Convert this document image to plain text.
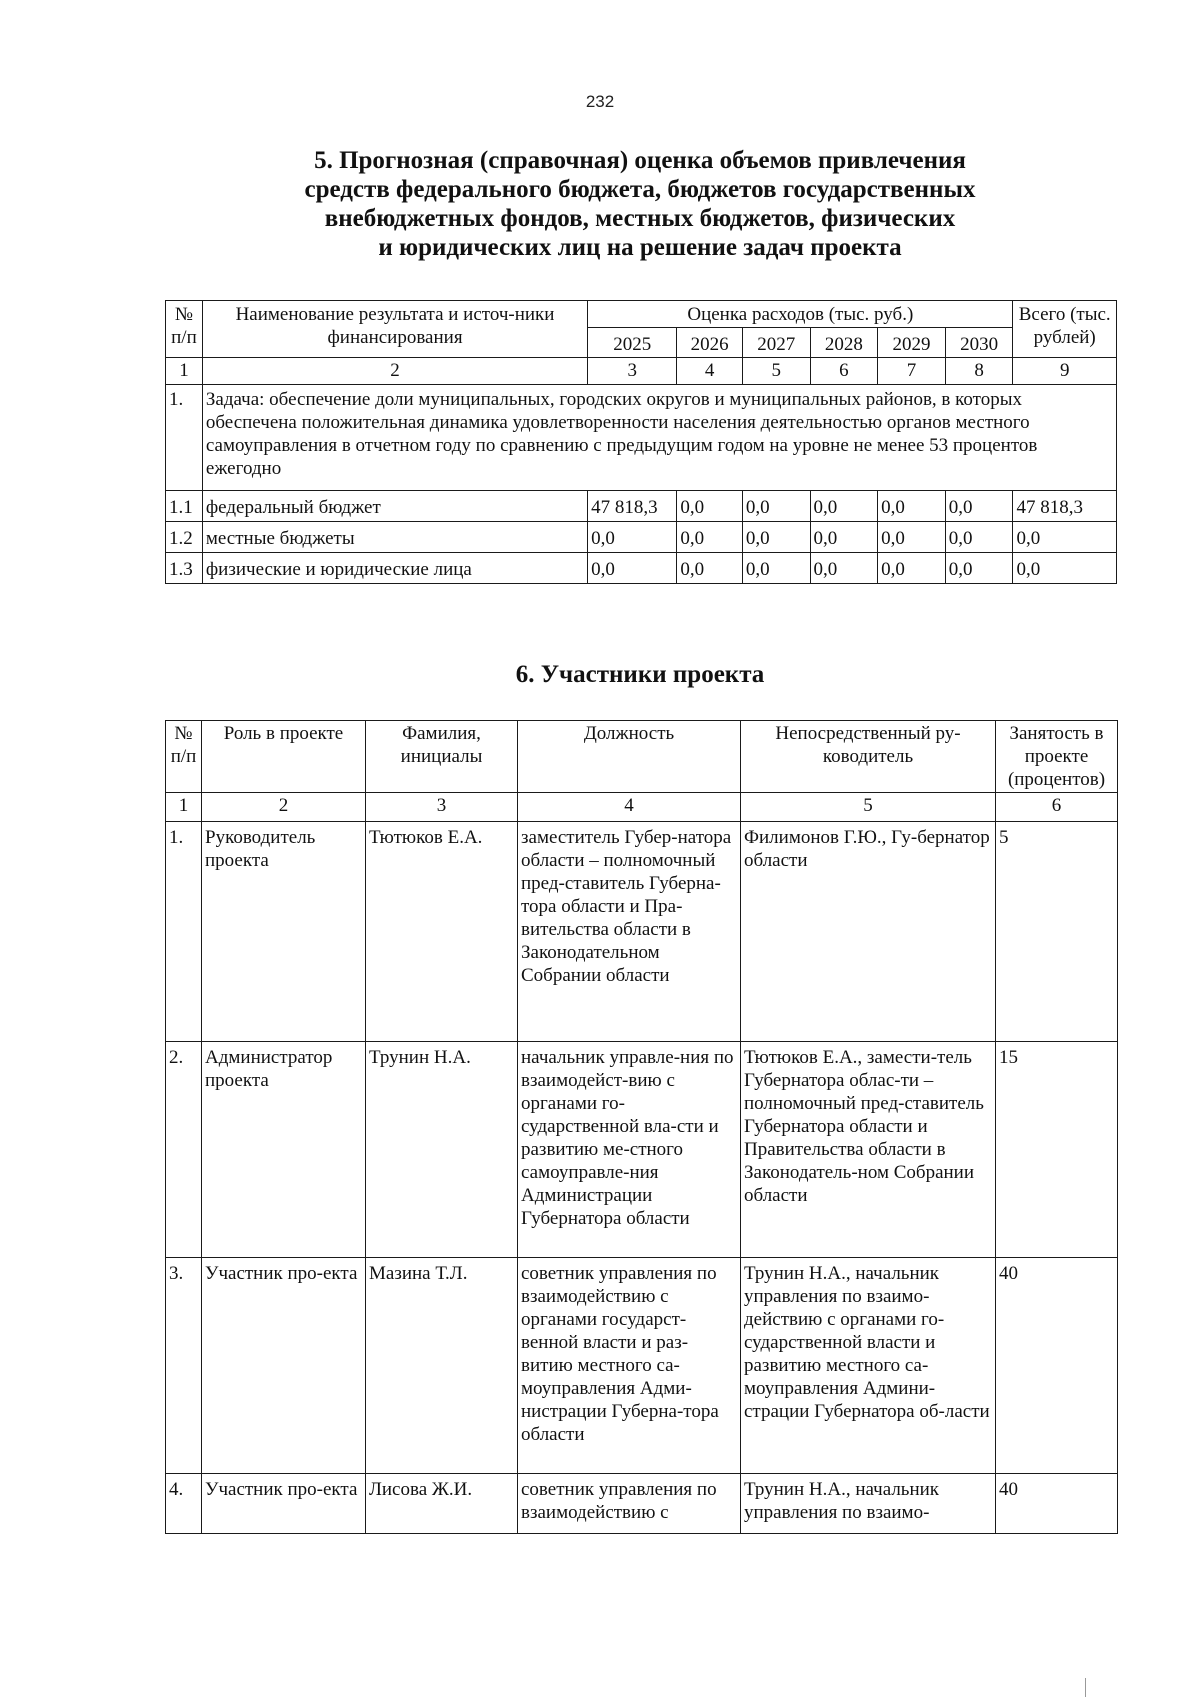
232
5. Прогнозная (справочная) оценка объемов привлечения
средств федерального бюджета, бюджетов государственных
внебюджетных фондов, местных бюджетов, физических
и юридических лиц на решение задач проекта
№ п/п	Наименование результата и источ-ники финансирования	Оценка расходов (тыс. руб.)						Всего (тыс. рублей)
		2025	2026	2027	2028	2029	2030	
1	2	3	4	5	6	7	8	9
1.	Задача: обеспечение доли муниципальных, городских округов и муниципальных районов, в которых обеспечена положительная динамика удовлетворенности населения деятельностью органов местного самоуправления в отчетном году по сравнению с предыдущим годом на уровне не менее 53 процентов ежегодно							
1.1	федеральный бюджет	47 818,3	0,0	0,0	0,0	0,0	0,0	47 818,3
1.2	местные бюджеты	0,0	0,0	0,0	0,0	0,0	0,0	0,0
1.3	физические и юридические лица	0,0	0,0	0,0	0,0	0,0	0,0	0,0
6. Участники проекта
№ п/п	Роль в проекте	Фамилия, инициалы	Должность	Непосредственный ру-ководитель	Занятость в проекте (процентов)
1	2	3	4	5	6
1.	Руководитель проекта	Тютюков Е.А.	заместитель Губер-натора области – полномочный пред-ставитель Губерна-тора области и Пра-вительства области в Законодательном Собрании области	Филимонов Г.Ю., Гу-бернатор области	5
2.	Администратор проекта	Трунин Н.А.	начальник управле-ния по взаимодейст-вию с органами го-сударственной вла-сти и развитию ме-стного самоуправле-ния Администрации Губернатора области	Тютюков Е.А., замести-тель Губернатора облас-ти – полномочный пред-ставитель Губернатора области и Правительства области в Законодатель-ном Собрании области	15
3.	Участник про-екта	Мазина Т.Л.	советник управления по взаимодействию с органами государст-венной власти и раз-витию местного са-моуправления Адми-нистрации Губерна-тора области	Трунин Н.А., начальник управления по взаимо-действию с органами го-сударственной власти и развитию местного са-моуправления Админи-страции Губернатора об-ласти	40
4.	Участник про-екта	Лисова Ж.И.	советник управления по взаимодействию с	Трунин Н.А., начальник управления по взаимо-	40
